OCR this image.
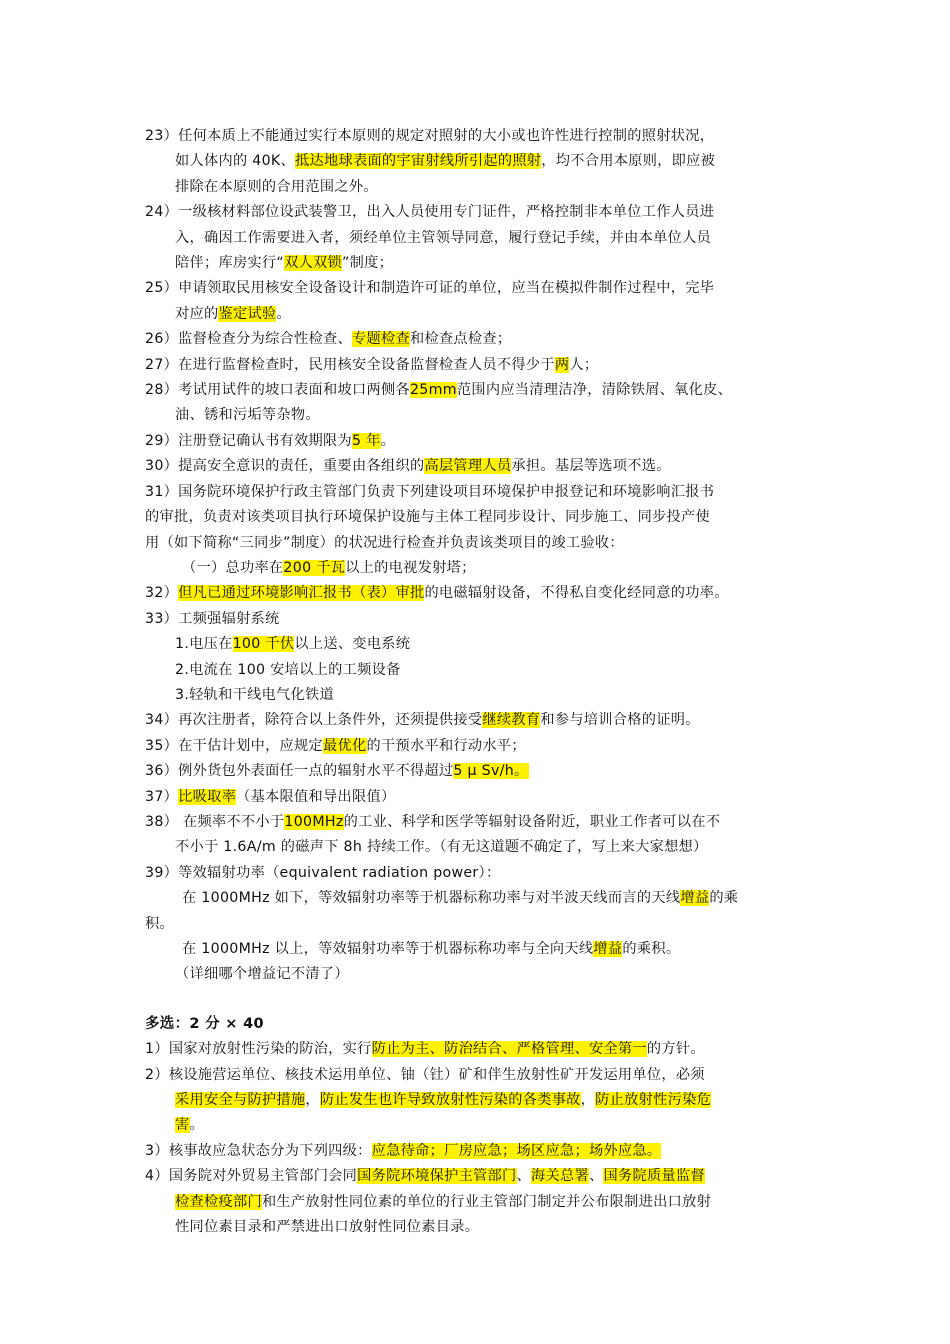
23）任何本质上不能通过实行本原则的规定对照射的大小或也许性进行控制的照射状况，
如人体内的 40K、抵达地球表面的宇宙射线所引起的照射，均不合用本原则，即应被
排除在本原则的合用范围之外。
24）一级核材料部位设武装警卫，出入人员使用专门证件，严格控制非本单位工作人员进
入，确因工作需要进入者，须经单位主管领导同意，履行登记手续，并由本单位人员
陪伴；库房实行“双人双锁”制度；
25）申请领取民用核安全设备设计和制造许可证的单位，应当在模拟件制作过程中，完毕
对应的鉴定试验。
26）监督检查分为综合性检查、专题检查和检查点检查；
27）在进行监督检查时，民用核安全设备监督检查人员不得少于两人；
28）考试用试件的坡口表面和坡口两侧各25mm范围内应当清理洁净，清除铁屑、氧化皮、
油、锈和污垢等杂物。
29）注册登记确认书有效期限为5 年。
30）提高安全意识的责任，重要由各组织的高层管理人员承担。基层等选项不选。
31）国务院环境保护行政主管部门负责下列建设项目环境保护申报登记和环境影响汇报书
的审批，负责对该类项目执行环境保护设施与主体工程同步设计、同步施工、同步投产使
用（如下简称“三同步”制度）的状况进行检查并负责该类项目的竣工验收：
（一）总功率在200 千瓦以上的电视发射塔；
32）但凡已通过环境影响汇报书（表）审批的电磁辐射设备，不得私自变化经同意的功率。
33）工频强辐射系统
1.电压在100 千伏以上送、变电系统
2.电流在 100 安培以上的工频设备
3.轻轨和干线电气化铁道
34）再次注册者，除符合以上条件外，还须提供接受继续教育和参与培训合格的证明。
35）在干估计划中，应规定最优化的干预水平和行动水平；
36）例外货包外表面任一点的辐射水平不得超过5 μ Sv/h。
37）比吸取率（基本限值和导出限值）
38） 在频率不不小于100MHz的工业、科学和医学等辐射设备附近，职业工作者可以在不
不小于 1.6A/m 的磁声下 8h 持续工作。（有无这道题不确定了，写上来大家想想）
39）等效辐射功率（equivalent radiation power）：
在 1000MHz 如下，等效辐射功率等于机器标称功率与对半波天线而言的天线增益的乘
积。
在 1000MHz 以上，等效辐射功率等于机器标称功率与全向天线增益的乘积。
（详细哪个增益记不清了）
多选：2 分 × 40
1）国家对放射性污染的防治，实行防止为主、防治结合、严格管理、安全第一的方针。
2）核设施营运单位、核技术运用单位、铀（钍）矿和伴生放射性矿开发运用单位，必须
采用安全与防护措施，防止发生也许导致放射性污染的各类事故，防止放射性污染危
害。
3）核事故应急状态分为下列四级：应急待命；厂房应急；场区应急；场外应急。
4）国务院对外贸易主管部门会同国务院环境保护主管部门、海关总署、国务院质量监督
检查检疫部门和生产放射性同位素的单位的行业主管部门制定并公布限制进出口放射
性同位素目录和严禁进出口放射性同位素目录。
